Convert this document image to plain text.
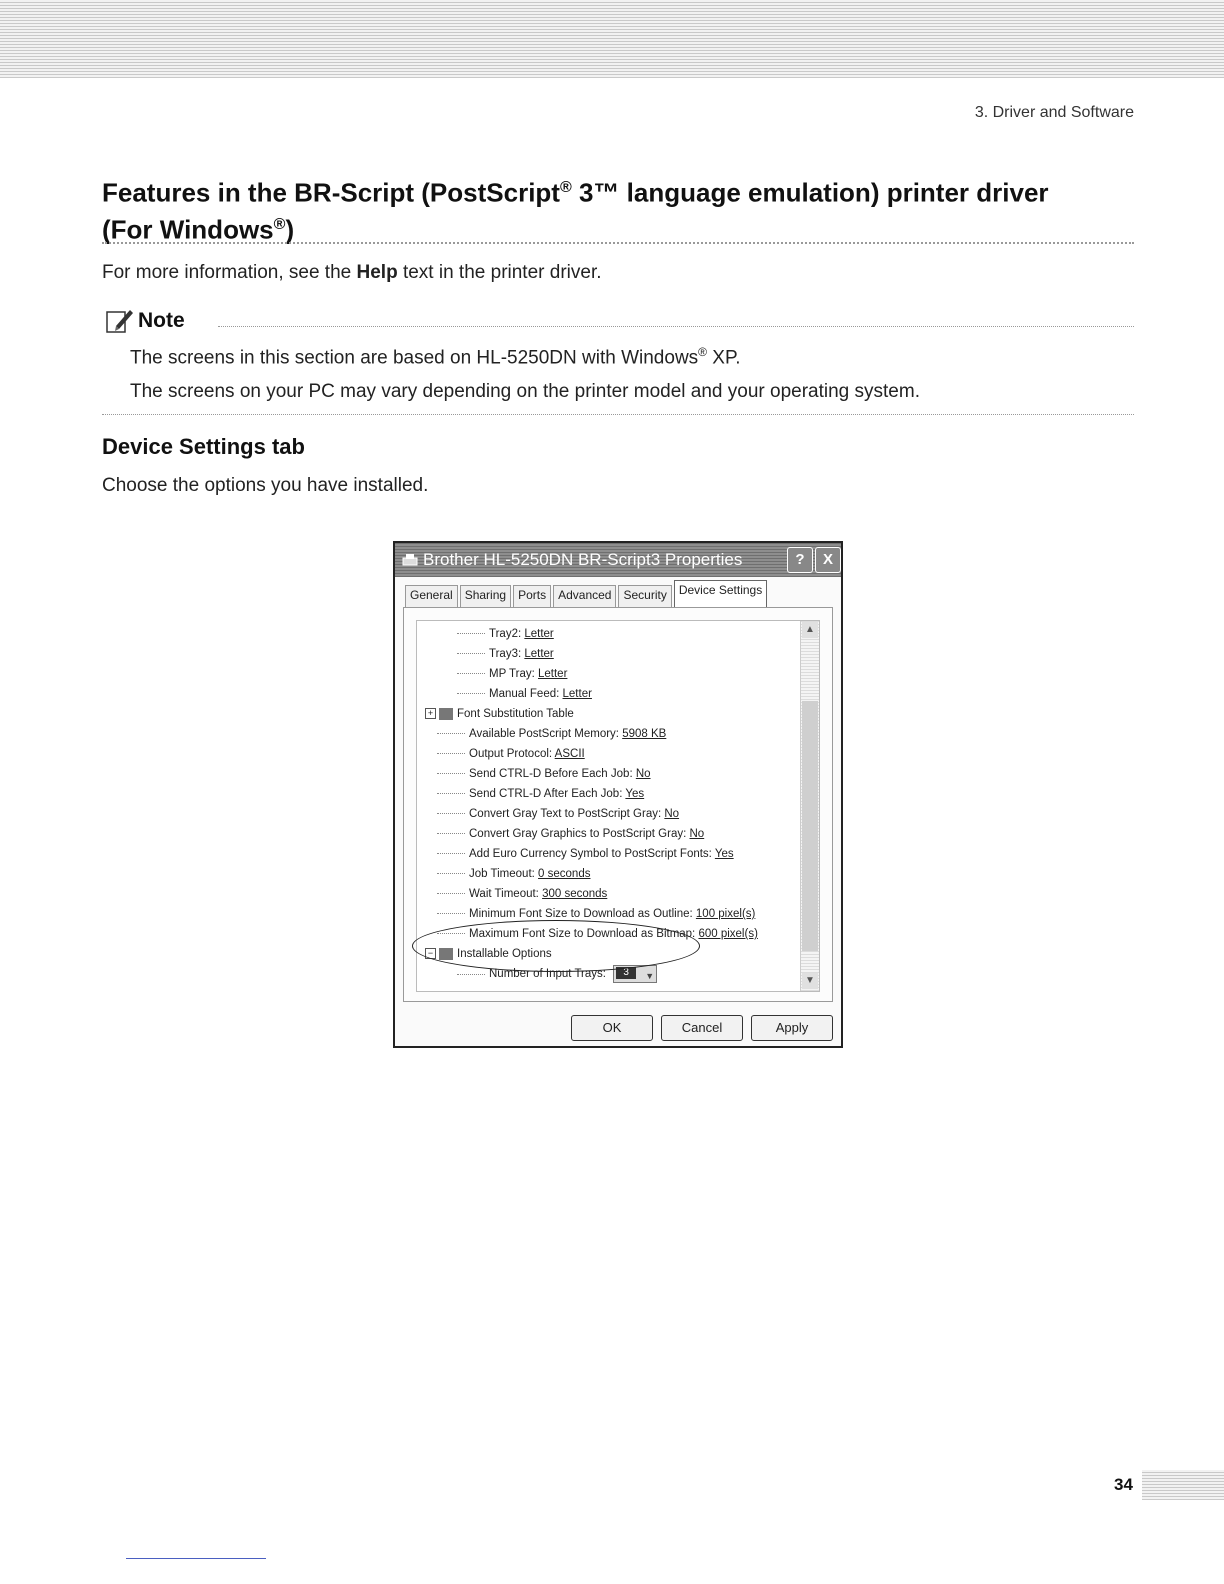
3. Driver and Software
Features in the BR-Script (PostScript® 3™ language emulation) printer driver
(For Windows®)

For more information, see the Help text in the printer driver.

Note

The screens in this section are based on HL-5250DN with Windows® XP.

The screens on your PC may vary depending on the printer model and your operating system.

Device Settings tab

Choose the options you have installed.

Brother HL-5250DN BR-Script3 Properties	?	X
General	Sharing	Ports	Advanced	Security	Device Settings
Tray2: Letter
Tray3: Letter
MP Tray: Letter
Manual Feed: Letter
+ Font Substitution Table
Available PostScript Memory: 5908 KB
Output Protocol: ASCII
Send CTRL-D Before Each Job: No
Send CTRL-D After Each Job: Yes
Convert Gray Text to PostScript Gray: No
Convert Gray Graphics to PostScript Gray: No
Add Euro Currency Symbol to PostScript Fonts: Yes
Job Timeout: 0 seconds
Wait Timeout: 300 seconds
Minimum Font Size to Download as Outline: 100 pixel(s)
Maximum Font Size to Download as Bitmap: 600 pixel(s)
− Installable Options
Number of Input Trays:	3	▼
▲
▼
OK	Cancel	Apply
34
